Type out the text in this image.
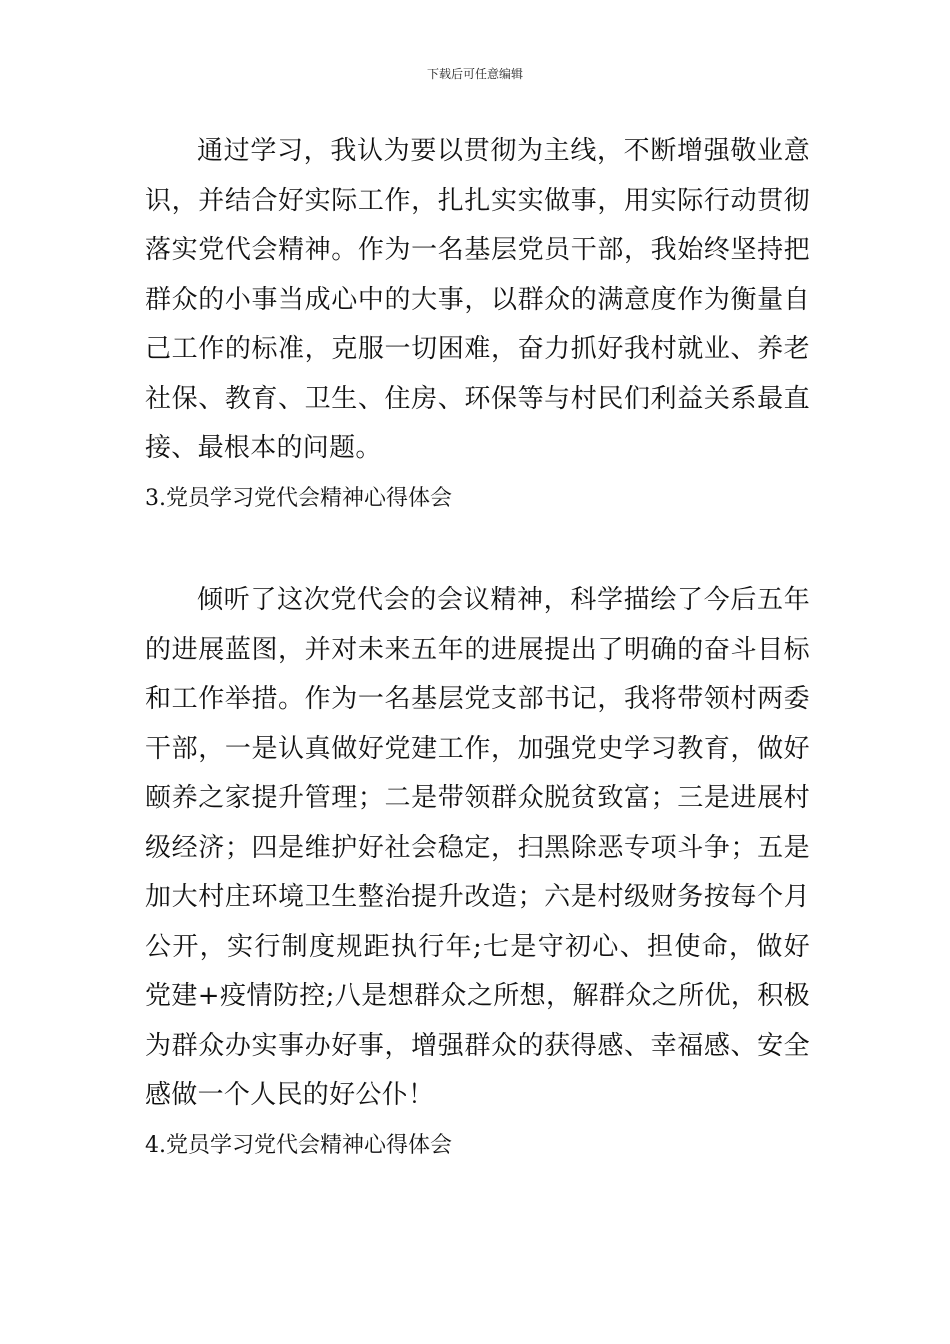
下载后可任意编辑

通过学习，我认为要以贯彻为主线，不断增强敬业意识，并结合好实际工作，扎扎实实做事，用实际行动贯彻落实党代会精神。作为一名基层党员干部，我始终坚持把群众的小事当成心中的大事，以群众的满意度作为衡量自己工作的标准，克服一切困难，奋力抓好我村就业、养老社保、教育、卫生、住房、环保等与村民们利益关系最直接、最根本的问题。

3.党员学习党代会精神心得体会

倾听了这次党代会的会议精神，科学描绘了今后五年的进展蓝图，并对未来五年的进展提出了明确的奋斗目标和工作举措。作为一名基层党支部书记，我将带领村两委干部，一是认真做好党建工作，加强党史学习教育，做好颐养之家提升管理；二是带领群众脱贫致富；三是进展村级经济；四是维护好社会稳定，扫黑除恶专项斗争；五是加大村庄环境卫生整治提升改造；六是村级财务按每个月公开，实行制度规距执行年;七是守初心、担使命，做好党建+疫情防控;八是想群众之所想，解群众之所优，积极为群众办实事办好事，增强群众的获得感、幸福感、安全感做一个人民的好公仆！

4.党员学习党代会精神心得体会
